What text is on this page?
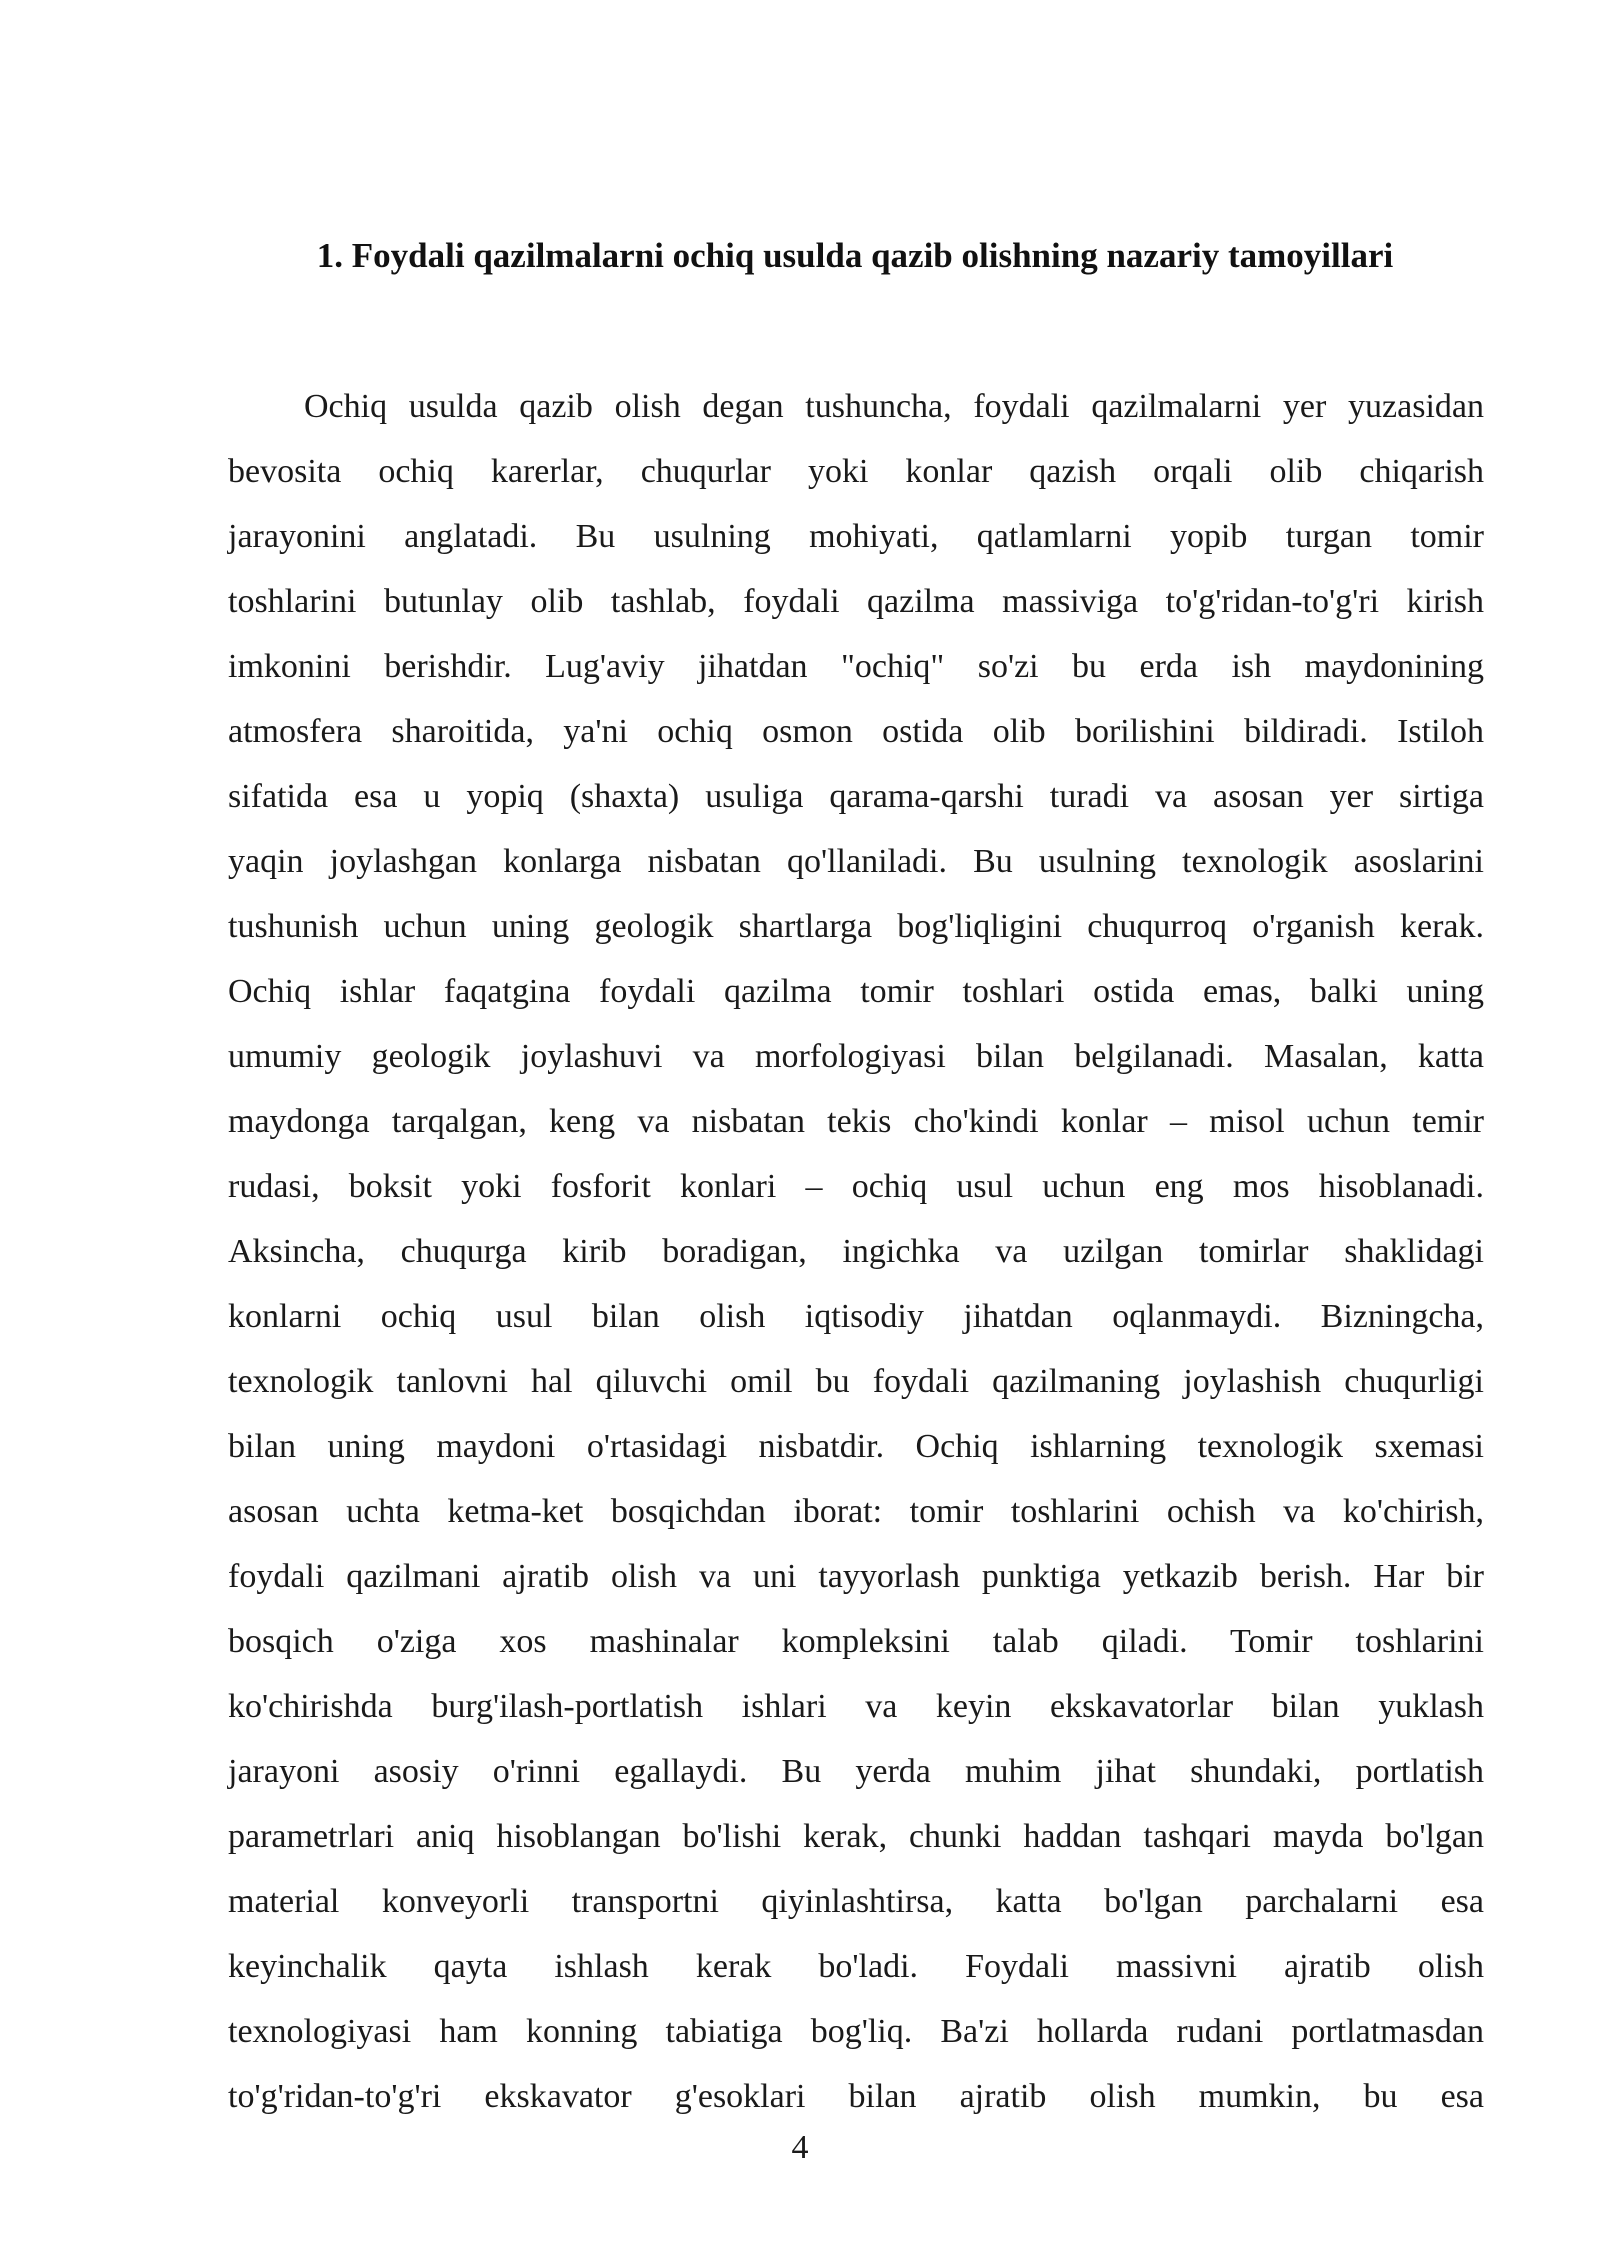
1. Foydali qazilmalarni ochiq usulda qazib olishning nazariy tamoyillari
Ochiq usulda qazib olish degan tushuncha, foydali qazilmalarni yer yuzasidan
bevosita ochiq karerlar, chuqurlar yoki konlar qazish orqali olib chiqarish
jarayonini anglatadi. Bu usulning mohiyati, qatlamlarni yopib turgan tomir
toshlarini butunlay olib tashlab, foydali qazilma massiviga to'g'ridan-to'g'ri kirish
imkonini berishdir. Lug'aviy jihatdan "ochiq" so'zi bu erda ish maydonining
atmosfera sharoitida, ya'ni ochiq osmon ostida olib borilishini bildiradi. Istiloh
sifatida esa u yopiq (shaxta) usuliga qarama-qarshi turadi va asosan yer sirtiga
yaqin joylashgan konlarga nisbatan qo'llaniladi. Bu usulning texnologik asoslarini
tushunish uchun uning geologik shartlarga bog'liqligini chuqurroq o'rganish kerak.
Ochiq ishlar faqatgina foydali qazilma tomir toshlari ostida emas, balki uning
umumiy geologik joylashuvi va morfologiyasi bilan belgilanadi. Masalan, katta
maydonga tarqalgan, keng va nisbatan tekis cho'kindi konlar – misol uchun temir
rudasi, boksit yoki fosforit konlari – ochiq usul uchun eng mos hisoblanadi.
Aksincha, chuqurga kirib boradigan, ingichka va uzilgan tomirlar shaklidagi
konlarni ochiq usul bilan olish iqtisodiy jihatdan oqlanmaydi. Bizningcha,
texnologik tanlovni hal qiluvchi omil bu foydali qazilmaning joylashish chuqurligi
bilan uning maydoni o'rtasidagi nisbatdir. Ochiq ishlarning texnologik sxemasi
asosan uchta ketma-ket bosqichdan iborat: tomir toshlarini ochish va ko'chirish,
foydali qazilmani ajratib olish va uni tayyorlash punktiga yetkazib berish. Har bir
bosqich o'ziga xos mashinalar kompleksini talab qiladi. Tomir toshlarini
ko'chirishda burg'ilash-portlatish ishlari va keyin ekskavatorlar bilan yuklash
jarayoni asosiy o'rinni egallaydi. Bu yerda muhim jihat shundaki, portlatish
parametrlari aniq hisoblangan bo'lishi kerak, chunki haddan tashqari mayda bo'lgan
material konveyorli transportni qiyinlashtirsa, katta bo'lgan parchalarni esa
keyinchalik qayta ishlash kerak bo'ladi. Foydali massivni ajratib olish
texnologiyasi ham konning tabiatiga bog'liq. Ba'zi hollarda rudani portlatmasdan
to'g'ridan-to'g'ri ekskavator g'esoklari bilan ajratib olish mumkin, bu esa
4
